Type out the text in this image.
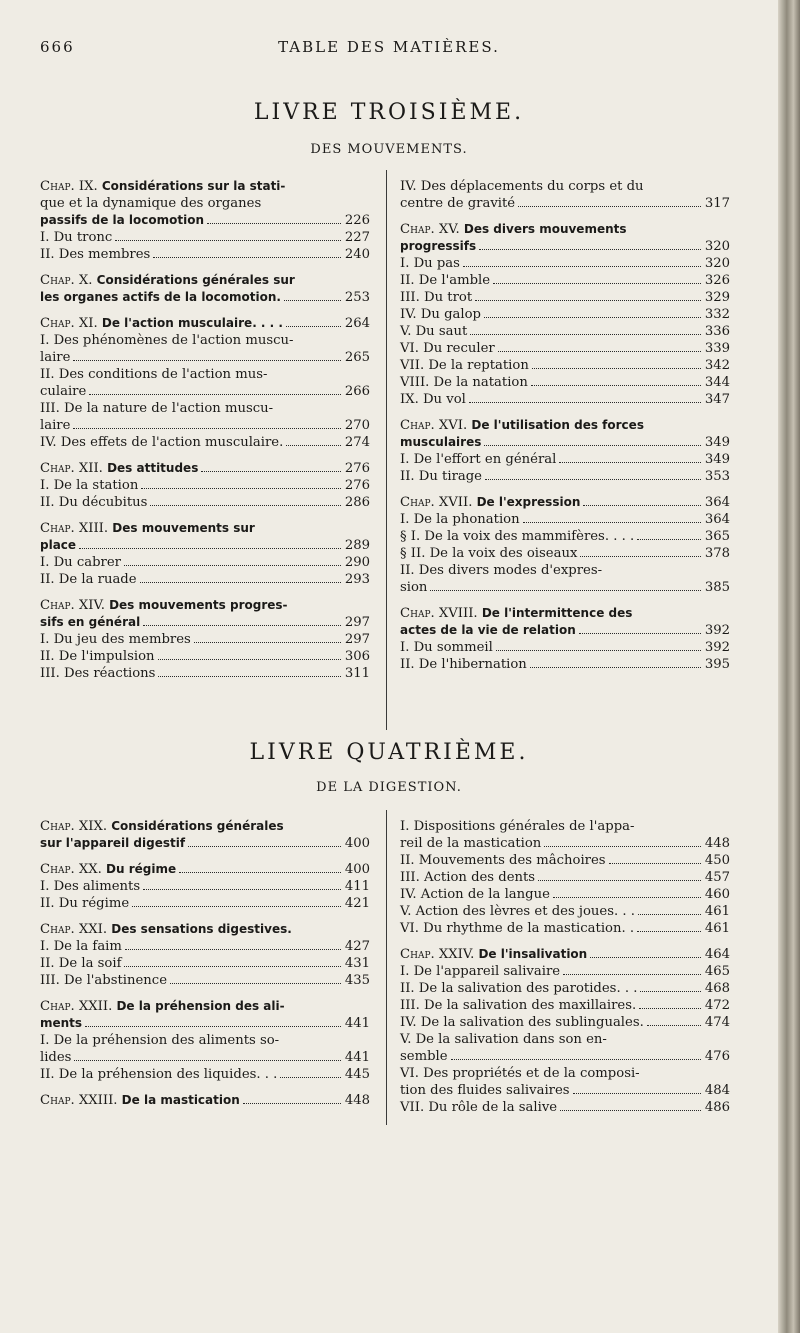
666	TABLE DES MATIÈRES.
LIVRE TROISIÈME.
DES MOUVEMENTS.
Chap. IX. Considérations sur la stati-
que et la dynamique des organes
passifs de la locomotion	226
I. Du tronc	227
II. Des membres	240
Chap. X. Considérations générales sur
les organes actifs de la locomotion.	253
Chap. XI. De l'action musculaire. . . .	264
I. Des phénomènes de l'action muscu-
laire	265
II. Des conditions de l'action mus-
culaire	266
III. De la nature de l'action muscu-
laire	270
IV. Des effets de l'action musculaire.	274
Chap. XII. Des attitudes	276
I. De la station	276
II. Du décubitus	286
Chap. XIII. Des mouvements sur
place	289
I. Du cabrer	290
II. De la ruade	293
Chap. XIV. Des mouvements progres-
sifs en général	297
I. Du jeu des membres	297
II. De l'impulsion	306
III. Des réactions	311
IV. Des déplacements du corps et du
centre de gravité	317
Chap. XV. Des divers mouvements
progressifs	320
I. Du pas	320
II. De l'amble	326
III. Du trot	329
IV. Du galop	332
V. Du saut	336
VI. Du reculer	339
VII. De la reptation	342
VIII. De la natation	344
IX. Du vol	347
Chap. XVI. De l'utilisation des forces
musculaires	349
I. De l'effort en général	349
II. Du tirage	353
Chap. XVII. De l'expression	364
I. De la phonation	364
§ I. De la voix des mammifères. . . .	365
§ II. De la voix des oiseaux	378
II. Des divers modes d'expres-
sion	385
Chap. XVIII. De l'intermittence des
actes de la vie de relation	392
I. Du sommeil	392
II. De l'hibernation	395
LIVRE QUATRIÈME.
DE LA DIGESTION.
Chap. XIX. Considérations générales
sur l'appareil digestif	400
Chap. XX. Du régime	400
I. Des aliments	411
II. Du régime	421
Chap. XXI. Des sensations digestives.
I. De la faim	427
II. De la soif	431
III. De l'abstinence	435
Chap. XXII. De la préhension des ali-
ments	441
I. De la préhension des aliments so-
lides	441
II. De la préhension des liquides. . .	445
Chap. XXIII. De la mastication	448
I. Dispositions générales de l'appa-
reil de la mastication	448
II. Mouvements des mâchoires	450
III. Action des dents	457
IV. Action de la langue	460
V. Action des lèvres et des joues. . .	461
VI. Du rhythme de la mastication. .	461
Chap. XXIV. De l'insalivation	464
I. De l'appareil salivaire	465
II. De la salivation des parotides. . .	468
III. De la salivation des maxillaires.	472
IV. De la salivation des sublinguales.	474
V. De la salivation dans son en-
semble	476
VI. Des propriétés et de la composi-
tion des fluides salivaires	484
VII. Du rôle de la salive	486
